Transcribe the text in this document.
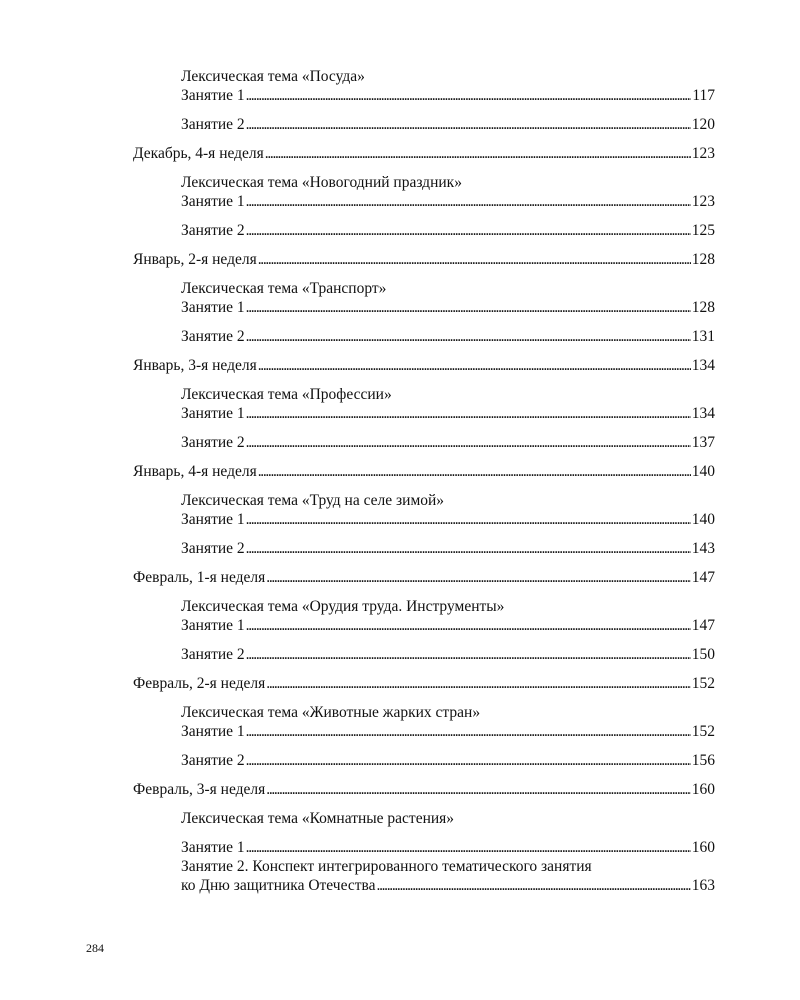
Лексическая тема «Посуда»
Занятие 1 . . .	117
Занятие 2 . . .	120
Декабрь, 4-я неделя . . .	123
Лексическая тема «Новогодний праздник»
Занятие 1 . . .	123
Занятие 2 . . .	125
Январь, 2-я неделя . . .	128
Лексическая тема «Транспорт»
Занятие 1 . . .	128
Занятие 2 . . .	131
Январь, 3-я неделя . . .	134
Лексическая тема «Профессии»
Занятие 1 . . .	134
Занятие 2 . . .	137
Январь, 4-я неделя . . .	140
Лексическая тема «Труд на селе зимой»
Занятие 1 . . .	140
Занятие 2 . . .	143
Февраль, 1-я неделя . . .	147
Лексическая тема «Орудия труда. Инструменты»
Занятие 1 . . .	147
Занятие 2 . . .	150
Февраль, 2-я неделя . . .	152
Лексическая тема «Животные жарких стран»
Занятие 1 . . .	152
Занятие 2 . . .	156
Февраль, 3-я неделя . . .	160
Лексическая тема «Комнатные растения»
Занятие 1 . . .	160
Занятие 2. Конспект интегрированного тематического занятия
ко Дню защитника Отечества . . .	163
284
